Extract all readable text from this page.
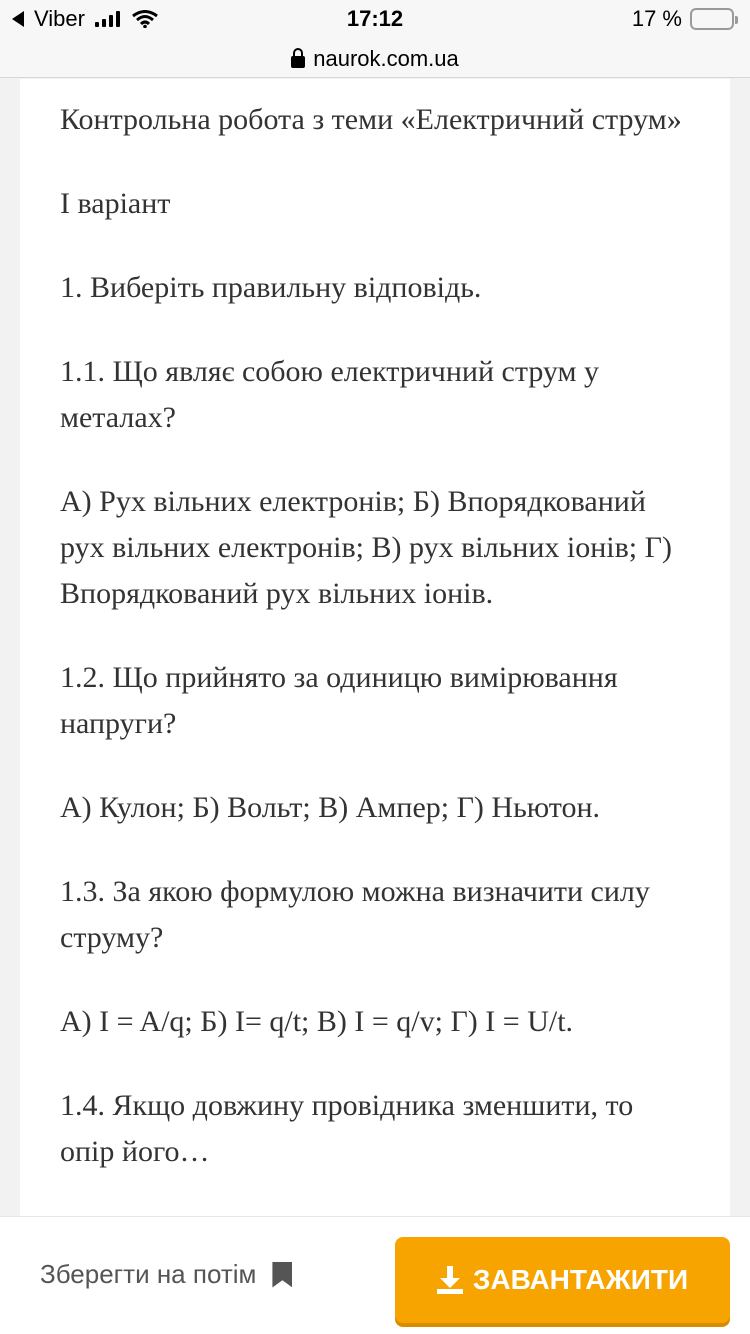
Viber	17:12	17 %
naurok.com.ua

Контрольна робота з теми «Електричний струм»

I варіант

1. Виберіть правильну відповідь.

1.1. Що являє собою електричний струм у металах?

А) Рух вільних електронів; Б) Впорядкований рух вільних електронів; В) рух вільних іонів; Г) Впорядкований рух вільних іонів.

1.2. Що прийнято за одиницю вимірювання напруги?

А) Кулон; Б) Вольт; В) Ампер; Г) Ньютон.

1.3. За якою формулою можна визначити силу струму?

А) I = A/q; Б) I= q/t; В) I = q/v; Г) I = U/t.

1.4. Якщо довжину провідника зменшити, то опір його…

Зберегти на потім	ЗАВАНТАЖИТИ
